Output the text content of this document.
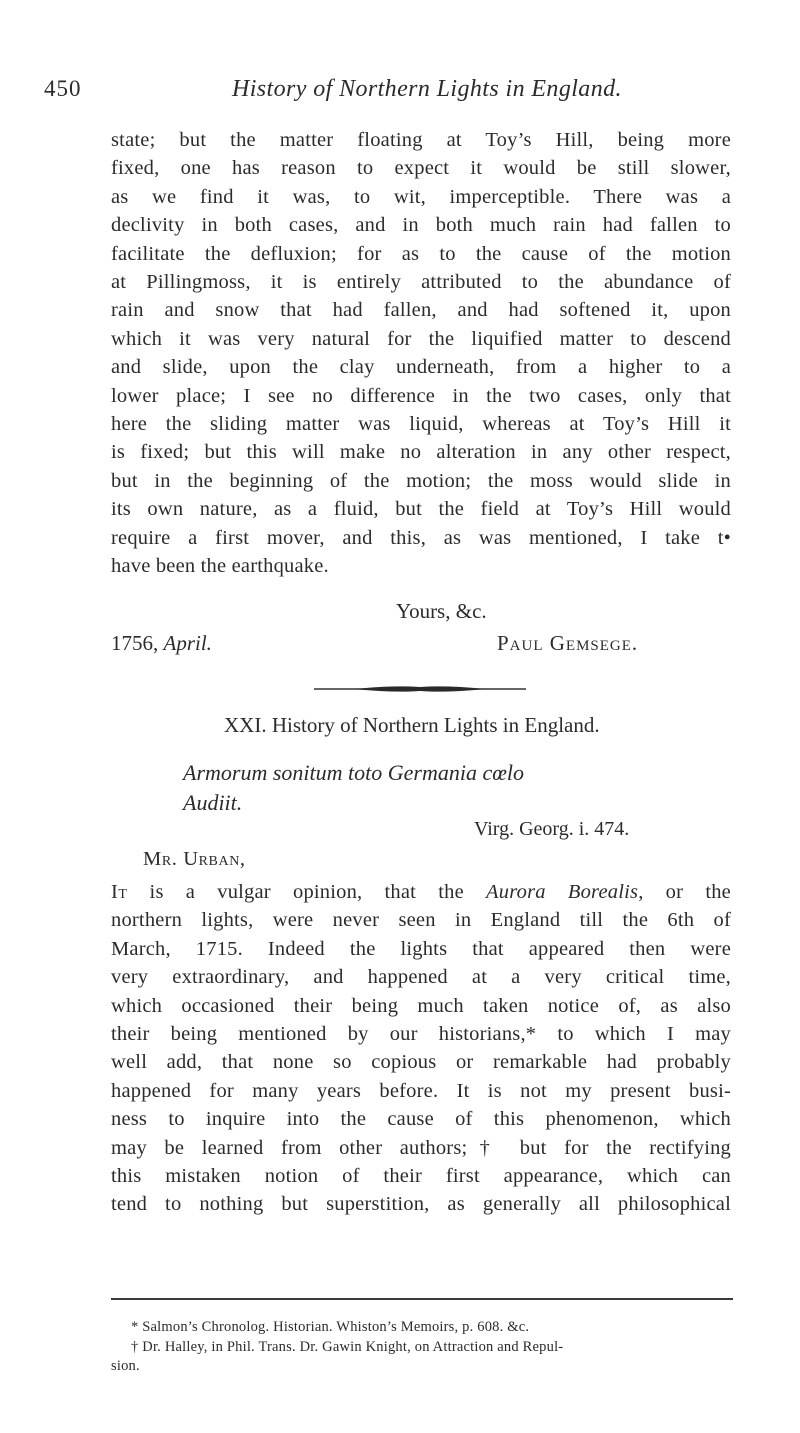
450	History of Northern Lights in England.
state; but the matter floating at Toy’s Hill, being more
fixed, one has reason to expect it would be still slower,
as we find it was, to wit, imperceptible. There was a
declivity in both cases, and in both much rain had fallen to
facilitate the defluxion; for as to the cause of the motion
at Pillingmoss, it is entirely attributed to the abundance of
rain and snow that had fallen, and had softened it, upon
which it was very natural for the liquified matter to descend
and slide, upon the clay underneath, from a higher to a
lower place; I see no difference in the two cases, only that
here the sliding matter was liquid, whereas at Toy’s Hill it
is fixed; but this will make no alteration in any other respect,
but in the beginning of the motion; the moss would slide in
its own nature, as a fluid, but the field at Toy’s Hill would
require a first mover, and this, as was mentioned, I take t•
have been the earthquake.
Yours, &c.
1756, April.	Paul Gemsege.
XXI. History of Northern Lights in England.
Armorum sonitum toto Germania cœlo
Audiit.
Virg. Georg. i. 474.
Mr. Urban,
It is a vulgar opinion, that the Aurora Borealis, or the
northern lights, were never seen in England till the 6th of
March, 1715. Indeed the lights that appeared then were
very extraordinary, and happened at a very critical time,
which occasioned their being much taken notice of, as also
their being mentioned by our historians,* to which I may
well add, that none so copious or remarkable had probably
happened for many years before. It is not my present busi-
ness to inquire into the cause of this phenomenon, which
may be learned from other authors;† but for the rectifying
this mistaken notion of their first appearance, which can
tend to nothing but superstition, as generally all philosophical
* Salmon’s Chronolog. Historian. Whiston’s Memoirs, p. 608. &c.
† Dr. Halley, in Phil. Trans. Dr. Gawin Knight, on Attraction and Repul-
sion.
